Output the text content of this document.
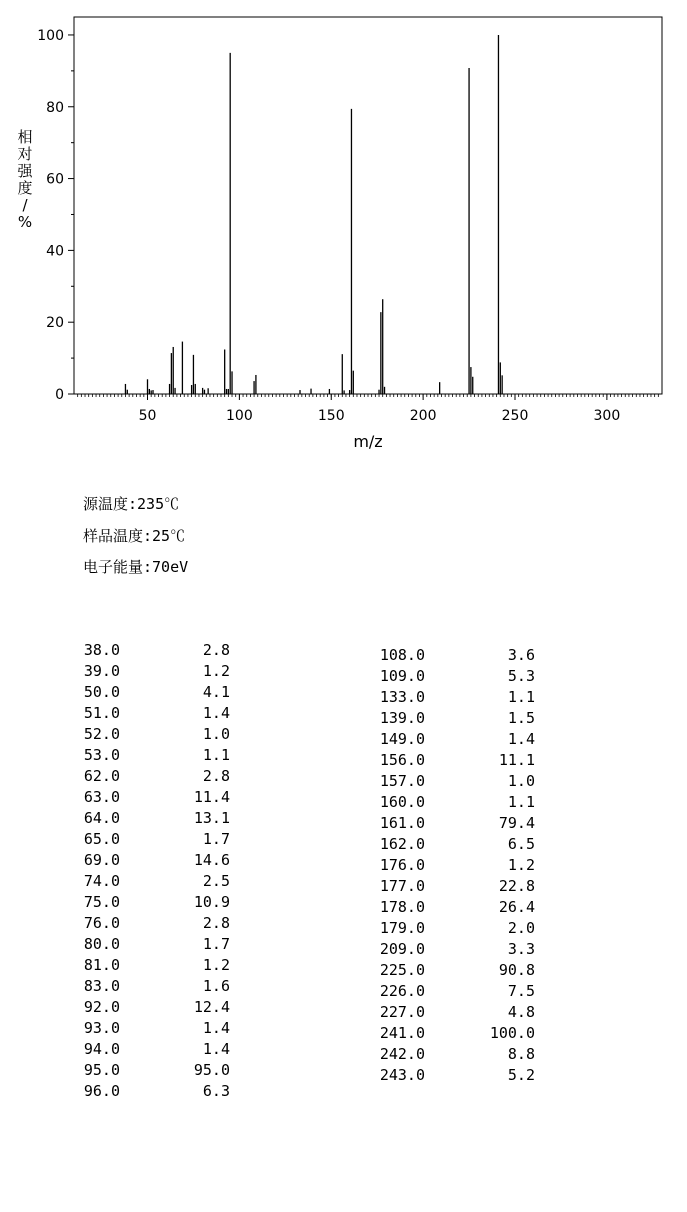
50	100	150	200	250	300
0
20
40
60
80
100
m/z
相对强度/ %
源温度:235℃
样品温度:25℃
电子能量:70eV
38.0	2.8
39.0	1.2
50.0	4.1
51.0	1.4
52.0	1.0
53.0	1.1
62.0	2.8
63.0	11.4
64.0	13.1
65.0	1.7
69.0	14.6
74.0	2.5
75.0	10.9
76.0	2.8
80.0	1.7
81.0	1.2
83.0	1.6
92.0	12.4
93.0	1.4
94.0	1.4
95.0	95.0
96.0	6.3
108.0	3.6
109.0	5.3
133.0	1.1
139.0	1.5
149.0	1.4
156.0	11.1
157.0	1.0
160.0	1.1
161.0	79.4
162.0	6.5
176.0	1.2
177.0	22.8
178.0	26.4
179.0	2.0
209.0	3.3
225.0	90.8
226.0	7.5
227.0	4.8
241.0	100.0
242.0	8.8
243.0	5.2
